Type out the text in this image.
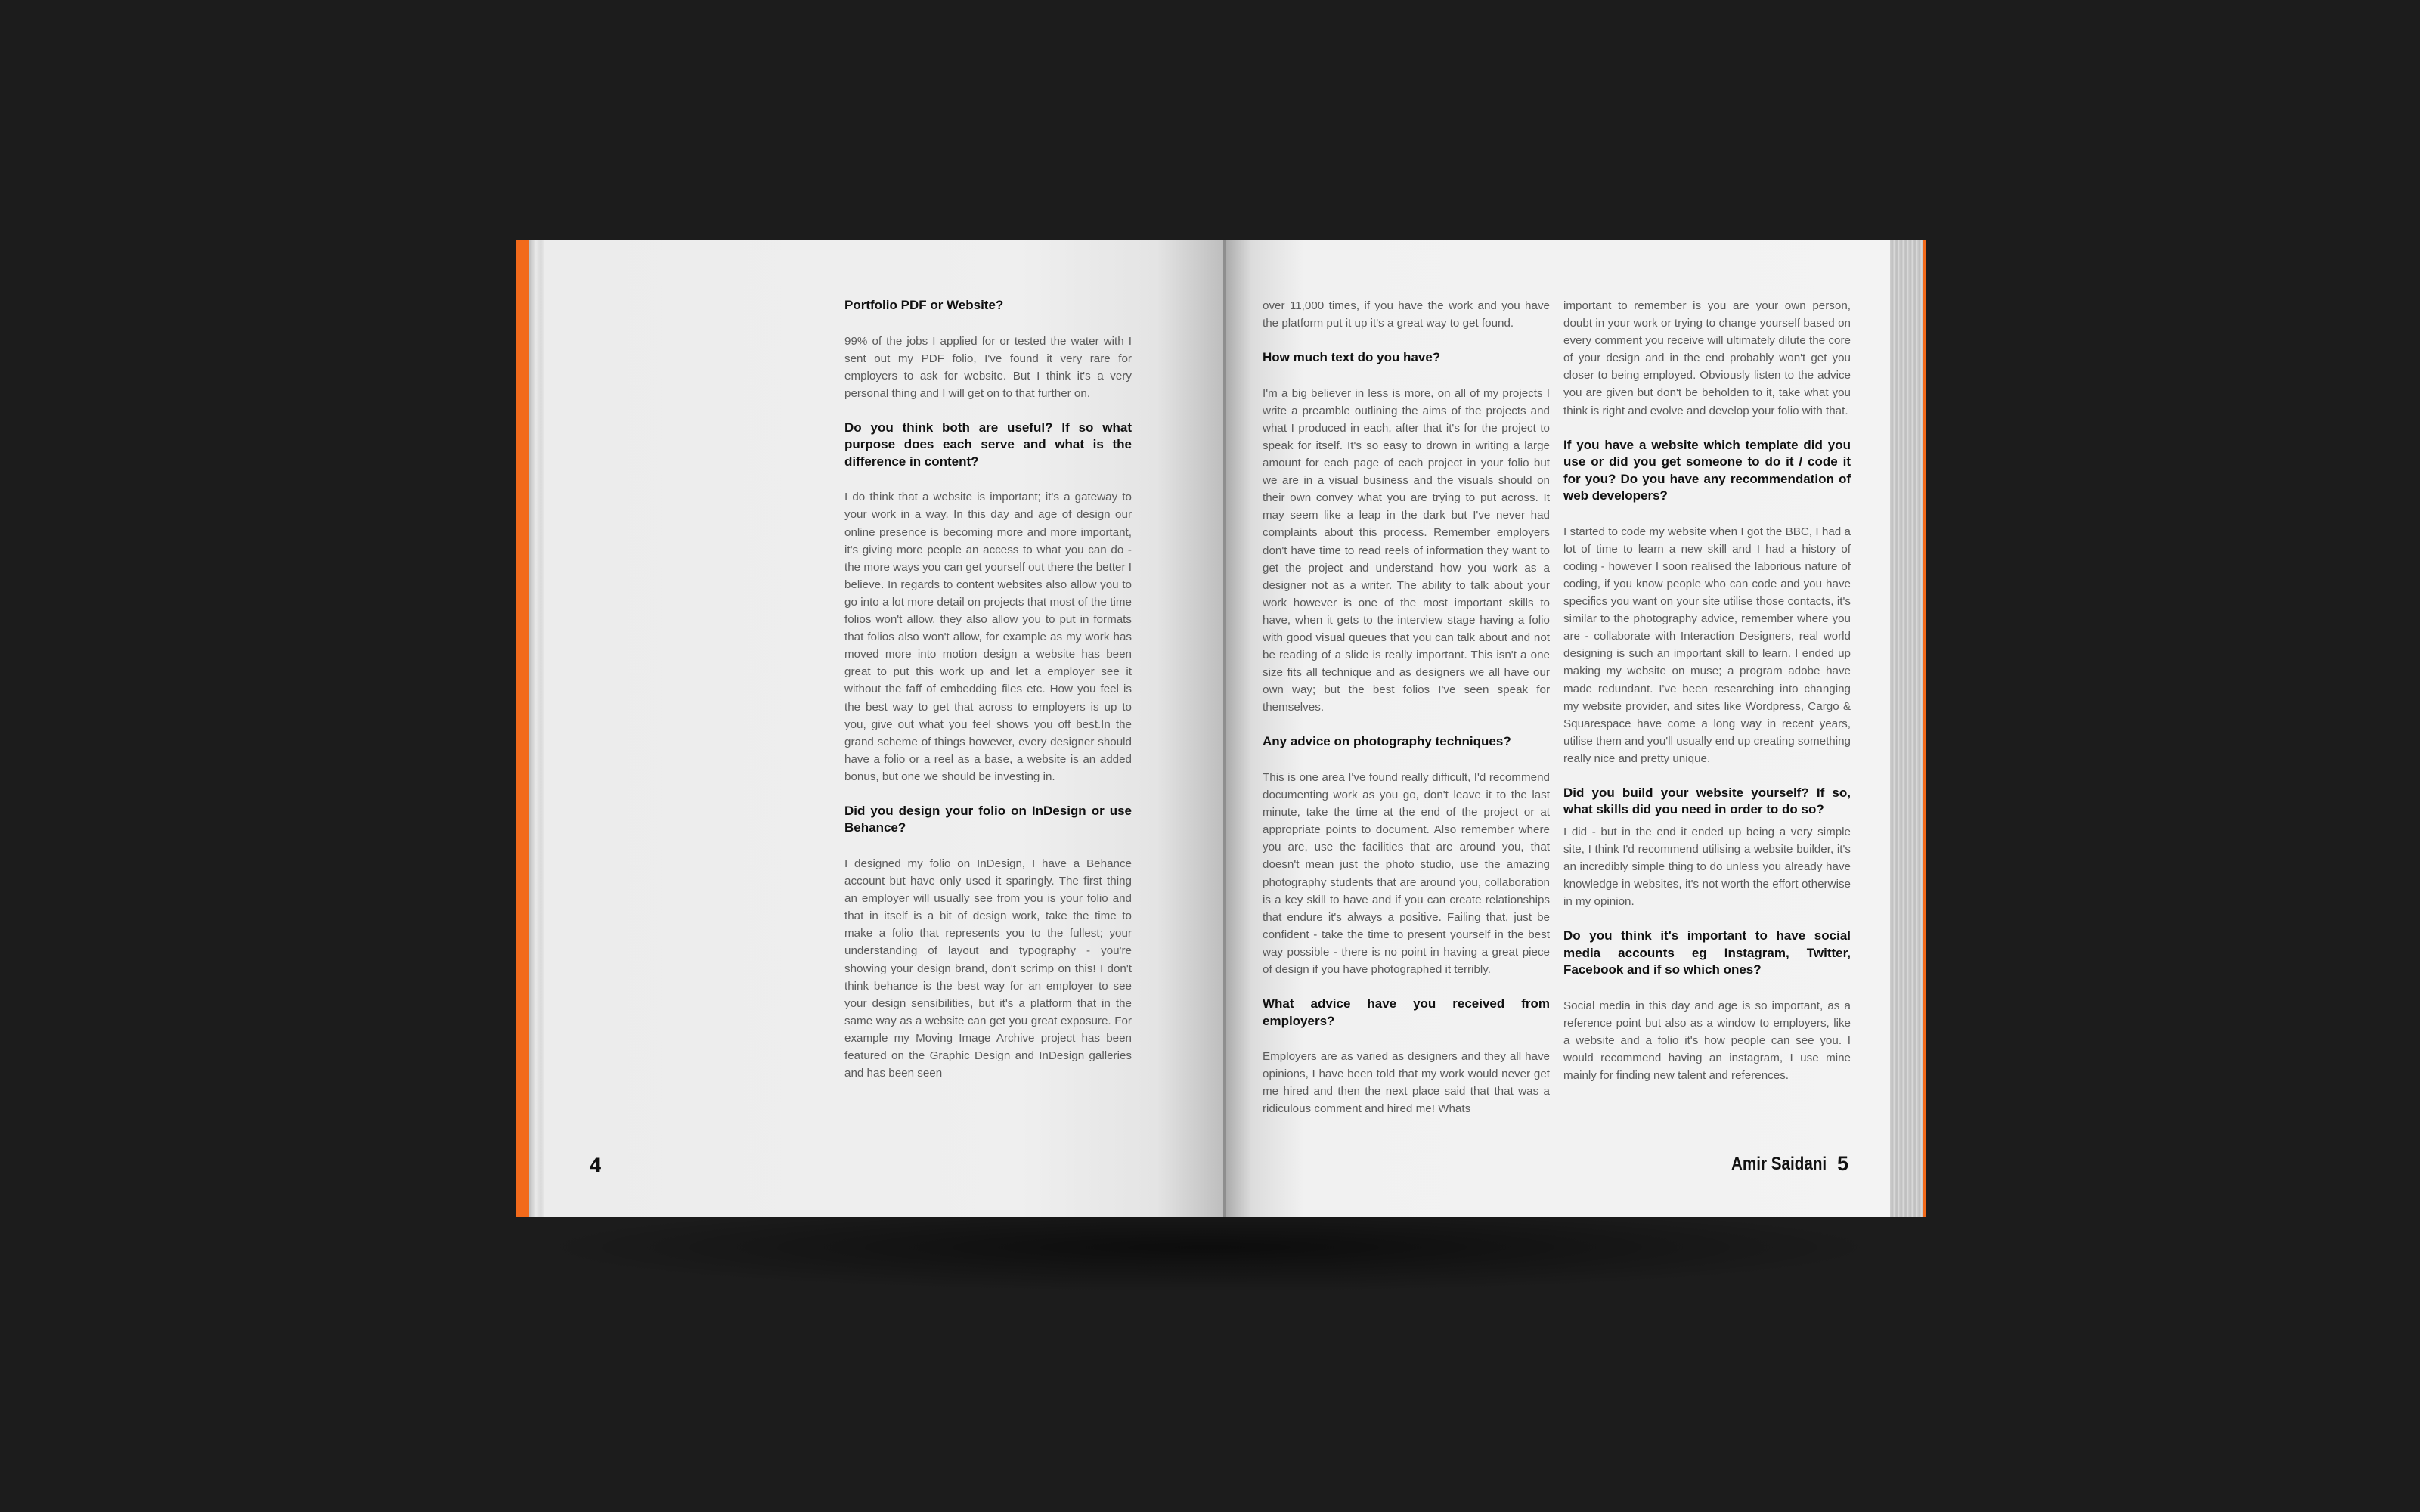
Portfolio PDF or Website?

99% of the jobs I applied for or tested the water with I sent out my PDF folio, I've found it very rare for employers to ask for website. But I think it's a very personal thing and I will get on to that further on.

Do you think both are useful? If so what purpose does each serve and what is the difference in content?

I do think that a website is important; it's a gateway to your work in a way. In this day and age of design our online presence is becoming more and more important, it's giving more people an access to what you can do - the more ways you can get yourself out there the better I believe. In regards to content websites also allow you to go into a lot more detail on projects that most of the time folios won't allow, they also allow you to put in formats that folios also won't allow, for example as my work has moved more into motion design a website has been great to put this work up and let a employer see it without the faff of embedding files etc. How you feel is the best way to get that across to employers is up to you, give out what you feel shows you off best.In the grand scheme of things however, every designer should have a folio or a reel as a base, a website is an added bonus, but one we should be investing in.

Did you design your folio on InDesign or use Behance?

I designed my folio on InDesign, I have a Behance account but have only used it sparingly. The first thing an employer will usually see from you is your folio and that in itself is a bit of design work, take the time to make a folio that represents you to the fullest; your understanding of layout and typography - you're showing your design brand, don't scrimp on this! I don't think behance is the best way for an employer to see your design sensibilities, but it's a platform that in the same way as a website can get you great exposure. For example my Moving Image Archive project has been featured on the Graphic Design and InDesign galleries and has been seen

over 11,000 times, if you have the work and you have the platform put it up it's a great way to get found.

How much text do you have?

I'm a big believer in less is more, on all of my projects I write a preamble outlining the aims of the projects and what I produced in each, after that it's for the project to speak for itself. It's so easy to drown in writing a large amount for each page of each project in your folio but we are in a visual business and the visuals should on their own convey what you are trying to put across. It may seem like a leap in the dark but I've never had complaints about this process. Remember employers don't have time to read reels of information they want to get the project and understand how you work as a designer not as a writer. The ability to talk about your work however is one of the most important skills to have, when it gets to the interview stage having a folio with good visual queues that you can talk about and not be reading of a slide is really important. This isn't a one size fits all technique and as designers we all have our own way; but the best folios I've seen speak for themselves.

Any advice on photography techniques?

This is one area I've found really difficult, I'd recommend documenting work as you go, don't leave it to the last minute, take the time at the end of the project or at appropriate points to document. Also remember where you are, use the facilities that are around you, that doesn't mean just the photo studio, use the amazing photography students that are around you, collaboration is a key skill to have and if you can create relationships that endure it's always a positive. Failing that, just be confident - take the time to present yourself in the best way possible - there is no point in having a great piece of design if you have photographed it terribly.

What advice have you received from employers?

Employers are as varied as designers and they all have opinions, I have been told that my work would never get me hired and then the next place said that that was a ridiculous comment and hired me! Whats

important to remember is you are your own person, doubt in your work or trying to change yourself based on every comment you receive will ultimately dilute the core of your design and in the end probably won't get you closer to being employed. Obviously listen to the advice you are given but don't be beholden to it, take what you think is right and evolve and develop your folio with that.

If you have a website which template did you use or did you get someone to do it / code it for you? Do you have any recommendation of web developers?

I started to code my website when I got the BBC, I had a lot of time to learn a new skill and I had a history of coding - however I soon realised the laborious nature of coding, if you know people who can code and you have specifics you want on your site utilise those contacts, it's similar to the photography advice, remember where you are - collaborate with Interaction Designers, real world designing is such an important skill to learn. I ended up making my website on muse; a program adobe have made redundant. I've been researching into changing my website provider, and sites like Wordpress, Cargo & Squarespace have come a long way in recent years, utilise them and you'll usually end up creating something really nice and pretty unique.

Did you build your website yourself? If so, what skills did you need in order to do so?

I did - but in the end it ended up being a very simple site, I think I'd recommend utilising a website builder, it's an incredibly simple thing to do unless you already have knowledge in websites, it's not worth the effort otherwise in my opinion.

Do you think it's important to have social media accounts eg Instagram, Twitter, Facebook and if so which ones?

Social media in this day and age is so important, as a reference point but also as a window to employers, like a website and a folio it's how people can see you. I would recommend having an instagram, I use mine mainly for finding new talent and references.

4	Amir Saidani 5
